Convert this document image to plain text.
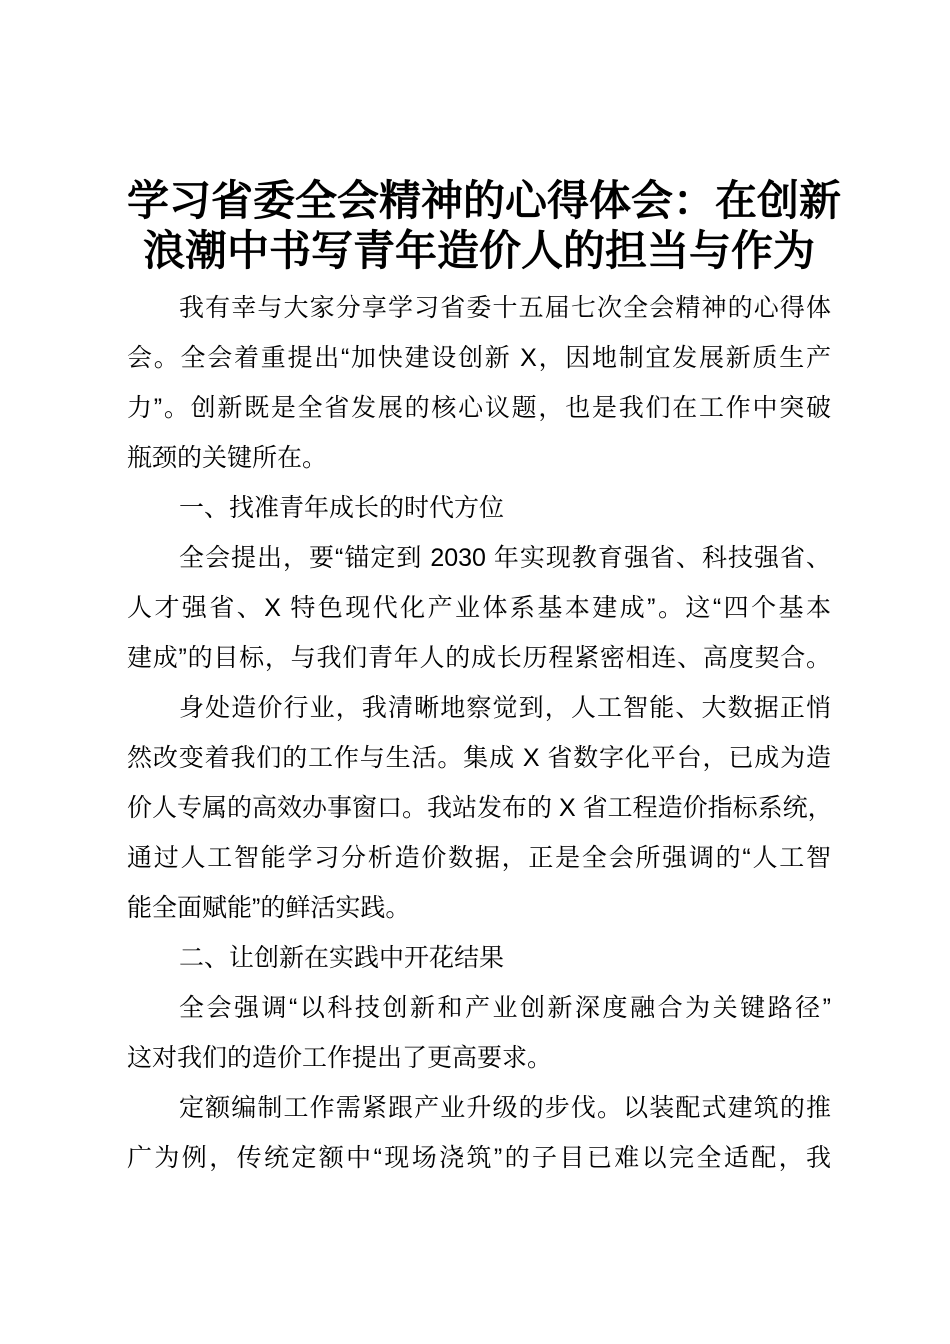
学习省委全会精神的心得体会：在创新
浪潮中书写青年造价人的担当与作为
我有幸与大家分享学习省委十五届七次全会精神的心得体
会。全会着重提出“加快建设创新 X，因地制宜发展新质生产
力”。创新既是全省发展的核心议题，也是我们在工作中突破
瓶颈的关键所在。
一、找准青年成长的时代方位
全会提出，要“锚定到 2030 年实现教育强省、科技强省、
人才强省、X 特色现代化产业体系基本建成”。这“四个基本
建成”的目标，与我们青年人的成长历程紧密相连、高度契合。
身处造价行业，我清晰地察觉到，人工智能、大数据正悄
然改变着我们的工作与生活。集成 X 省数字化平台，已成为造
价人专属的高效办事窗口。我站发布的 X 省工程造价指标系统，
通过人工智能学习分析造价数据，正是全会所强调的“人工智
能全面赋能”的鲜活实践。
二、让创新在实践中开花结果
全会强调“以科技创新和产业创新深度融合为关键路径”
这对我们的造价工作提出了更高要求。
定额编制工作需紧跟产业升级的步伐。以装配式建筑的推
广为例，传统定额中“现场浇筑”的子目已难以完全适配，我
